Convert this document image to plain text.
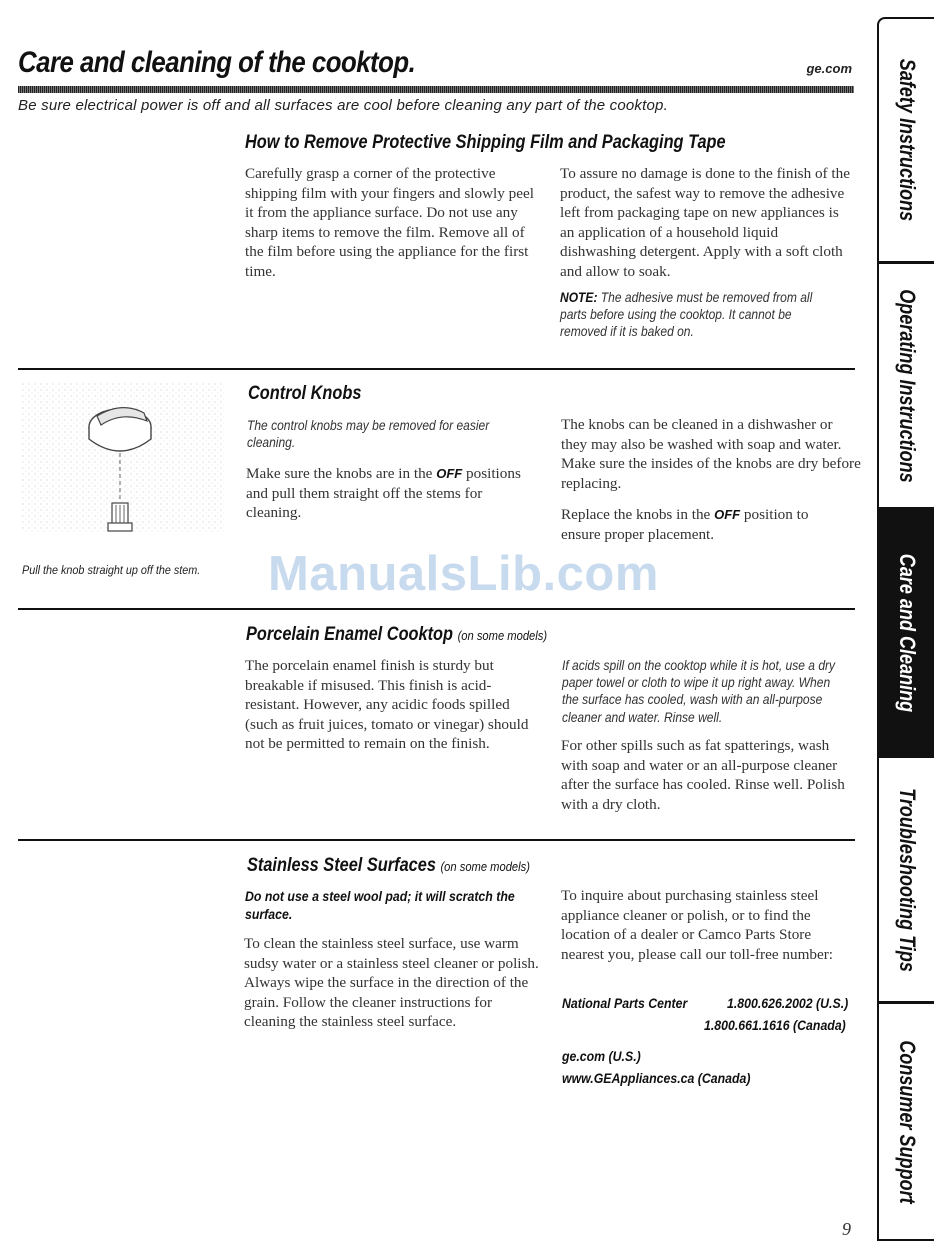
Care and cleaning of the cooktop.	ge.com
Be sure electrical power is off and all surfaces are cool before cleaning any part of the cooktop.
How to Remove Protective Shipping Film and Packaging Tape

Carefully grasp a corner of the protective shipping film with your fingers and slowly peel it from the appliance surface. Do not use any sharp items to remove the film. Remove all of the film before using the appliance for the first time.

To assure no damage is done to the finish of the product, the safest way to remove the adhesive left from packaging tape on new appliances is an application of a household liquid dishwashing detergent. Apply with a soft cloth and allow to soak.

NOTE: The adhesive must be removed from all parts before using the cooktop. It cannot be removed if it is baked on.

Pull the knob straight up off the stem.
Control Knobs

The control knobs may be removed for easier cleaning.

Make sure the knobs are in the OFF positions and pull them straight off the stems for cleaning.

The knobs can be cleaned in a dishwasher or they may also be washed with soap and water. Make sure the insides of the knobs are dry before replacing.

Replace the knobs in the OFF position to ensure proper placement.

ManualsLib.com
Porcelain Enamel Cooktop (on some models)

The porcelain enamel finish is sturdy but breakable if misused. This finish is acid-resistant. However, any acidic foods spilled (such as fruit juices, tomato or vinegar) should not be permitted to remain on the finish.

If acids spill on the cooktop while it is hot, use a dry paper towel or cloth to wipe it up right away. When the surface has cooled, wash with an all-purpose cleaner and water. Rinse well.

For other spills such as fat spatterings, wash with soap and water or an all-purpose cleaner after the surface has cooled. Rinse well. Polish with a dry cloth.

Stainless Steel Surfaces (on some models)

Do not use a steel wool pad; it will scratch the surface.

To clean the stainless steel surface, use warm sudsy water or a stainless steel cleaner or polish. Always wipe the surface in the direction of the grain. Follow the cleaner instructions for cleaning the stainless steel surface.

To inquire about purchasing stainless steel appliance cleaner or polish, or to find the location of a dealer or Camco Parts Store nearest you, please call our toll-free number:

National Parts Center	1.800.626.2002 (U.S.)
1.800.661.1616 (Canada)
ge.com (U.S.)
www.GEAppliances.ca (Canada)
Safety Instructions
Operating Instructions
Care and Cleaning
Troubleshooting Tips
Consumer Support
9
